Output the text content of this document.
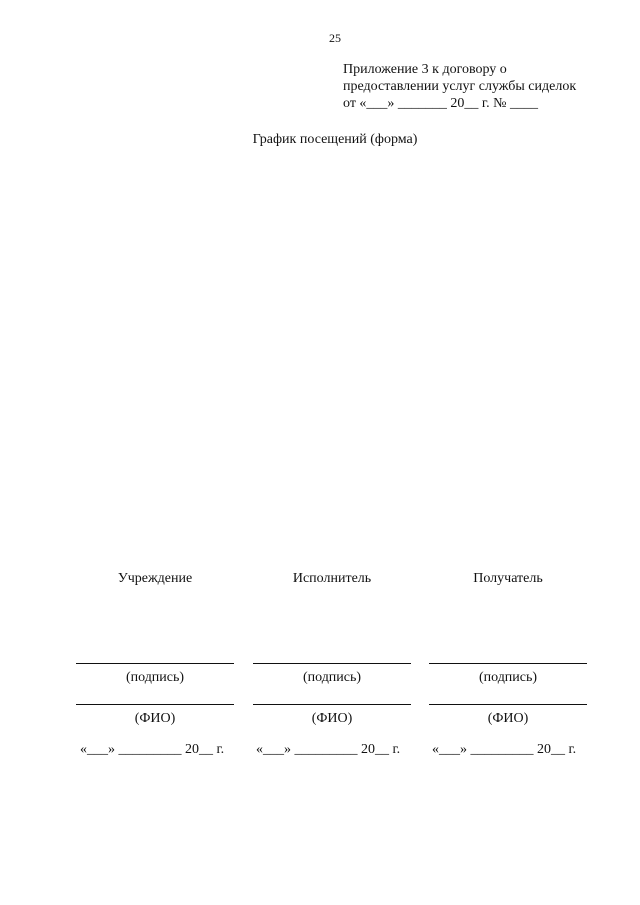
25
Приложение 3 к договору о
предоставлении услуг службы сиделок
от «___» _______ 20__ г. № ____
График посещений (форма)
Учреждение
(подпись)
(ФИО)
Исполнитель
(подпись)
(ФИО)
Получатель
(подпись)
(ФИО)
«___» _________ 20__ г.	«___» _________ 20__ г.	«___» _________ 20__ г.
